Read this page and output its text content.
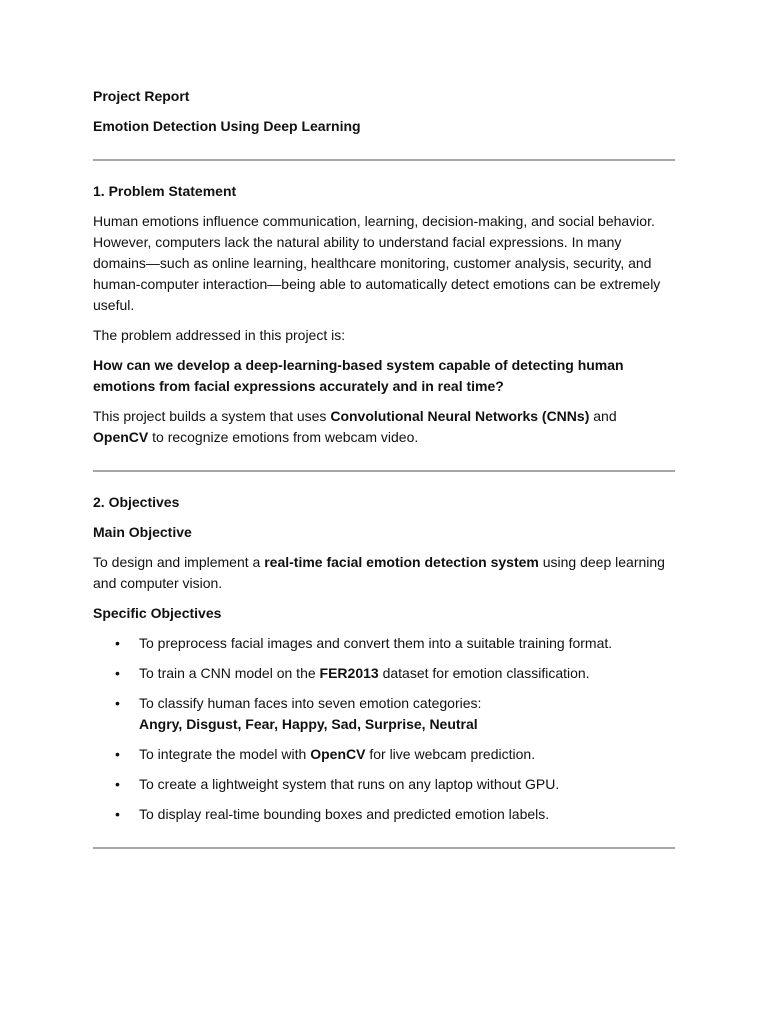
Project Report

Emotion Detection Using Deep Learning

1. Problem Statement

Human emotions influence communication, learning, decision-making, and social behavior. However, computers lack the natural ability to understand facial expressions. In many domains—such as online learning, healthcare monitoring, customer analysis, security, and human-computer interaction—being able to automatically detect emotions can be extremely useful.

The problem addressed in this project is:

How can we develop a deep-learning-based system capable of detecting human emotions from facial expressions accurately and in real time?

This project builds a system that uses Convolutional Neural Networks (CNNs) and OpenCV to recognize emotions from webcam video.

2. Objectives

Main Objective

To design and implement a real-time facial emotion detection system using deep learning and computer vision.

Specific Objectives

• To preprocess facial images and convert them into a suitable training format.
• To train a CNN model on the FER2013 dataset for emotion classification.
• To classify human faces into seven emotion categories:
Angry, Disgust, Fear, Happy, Sad, Surprise, Neutral
• To integrate the model with OpenCV for live webcam prediction.
• To create a lightweight system that runs on any laptop without GPU.
• To display real-time bounding boxes and predicted emotion labels.
